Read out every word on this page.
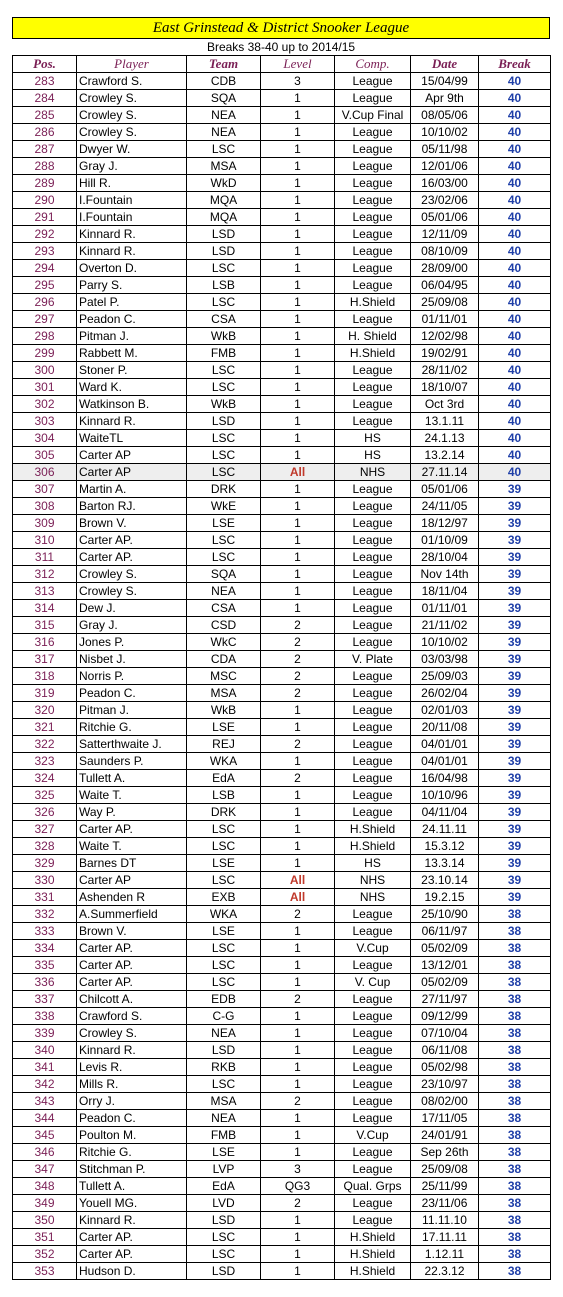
East Grinstead & District Snooker League
Breaks 38-40 up to 2014/15
Pos.	Player	Team	Level	Comp.	Date	Break
283	Crawford S.	CDB	3	League	15/04/99	40
284	Crowley S.	SQA	1	League	Apr 9th	40
285	Crowley S.	NEA	1	V.Cup Final	08/05/06	40
286	Crowley S.	NEA	1	League	10/10/02	40
287	Dwyer W.	LSC	1	League	05/11/98	40
288	Gray J.	MSA	1	League	12/01/06	40
289	Hill R.	WkD	1	League	16/03/00	40
290	I.Fountain	MQA	1	League	23/02/06	40
291	I.Fountain	MQA	1	League	05/01/06	40
292	Kinnard R.	LSD	1	League	12/11/09	40
293	Kinnard R.	LSD	1	League	08/10/09	40
294	Overton D.	LSC	1	League	28/09/00	40
295	Parry S.	LSB	1	League	06/04/95	40
296	Patel P.	LSC	1	H.Shield	25/09/08	40
297	Peadon C.	CSA	1	League	01/11/01	40
298	Pitman J.	WkB	1	H. Shield	12/02/98	40
299	Rabbett M.	FMB	1	H.Shield	19/02/91	40
300	Stoner P.	LSC	1	League	28/11/02	40
301	Ward K.	LSC	1	League	18/10/07	40
302	Watkinson B.	WkB	1	League	Oct 3rd	40
303	Kinnard R.	LSD	1	League	13.1.11	40
304	WaiteTL	LSC	1	HS	24.1.13	40
305	Carter AP	LSC	1	HS	13.2.14	40
306	Carter AP	LSC	All	NHS	27.11.14	40
307	Martin A.	DRK	1	League	05/01/06	39
308	Barton RJ.	WkE	1	League	24/11/05	39
309	Brown V.	LSE	1	League	18/12/97	39
310	Carter AP.	LSC	1	League	01/10/09	39
311	Carter AP.	LSC	1	League	28/10/04	39
312	Crowley S.	SQA	1	League	Nov 14th	39
313	Crowley S.	NEA	1	League	18/11/04	39
314	Dew J.	CSA	1	League	01/11/01	39
315	Gray J.	CSD	2	League	21/11/02	39
316	Jones P.	WkC	2	League	10/10/02	39
317	Nisbet J.	CDA	2	V. Plate	03/03/98	39
318	Norris P.	MSC	2	League	25/09/03	39
319	Peadon C.	MSA	2	League	26/02/04	39
320	Pitman J.	WkB	1	League	02/01/03	39
321	Ritchie G.	LSE	1	League	20/11/08	39
322	Satterthwaite J.	REJ	2	League	04/01/01	39
323	Saunders P.	WKA	1	League	04/01/01	39
324	Tullett A.	EdA	2	League	16/04/98	39
325	Waite T.	LSB	1	League	10/10/96	39
326	Way P.	DRK	1	League	04/11/04	39
327	Carter AP.	LSC	1	H.Shield	24.11.11	39
328	Waite T.	LSC	1	H.Shield	15.3.12	39
329	Barnes DT	LSE	1	HS	13.3.14	39
330	Carter AP	LSC	All	NHS	23.10.14	39
331	Ashenden R	EXB	All	NHS	19.2.15	39
332	A.Summerfield	WKA	2	League	25/10/90	38
333	Brown V.	LSE	1	League	06/11/97	38
334	Carter AP.	LSC	1	V.Cup	05/02/09	38
335	Carter AP.	LSC	1	League	13/12/01	38
336	Carter AP.	LSC	1	V. Cup	05/02/09	38
337	Chilcott A.	EDB	2	League	27/11/97	38
338	Crawford S.	C-G	1	League	09/12/99	38
339	Crowley S.	NEA	1	League	07/10/04	38
340	Kinnard R.	LSD	1	League	06/11/08	38
341	Levis R.	RKB	1	League	05/02/98	38
342	Mills R.	LSC	1	League	23/10/97	38
343	Orry J.	MSA	2	League	08/02/00	38
344	Peadon C.	NEA	1	League	17/11/05	38
345	Poulton M.	FMB	1	V.Cup	24/01/91	38
346	Ritchie G.	LSE	1	League	Sep 26th	38
347	Stitchman P.	LVP	3	League	25/09/08	38
348	Tullett A.	EdA	QG3	Qual. Grps	25/11/99	38
349	Youell MG.	LVD	2	League	23/11/06	38
350	Kinnard R.	LSD	1	League	11.11.10	38
351	Carter AP.	LSC	1	H.Shield	17.11.11	38
352	Carter AP.	LSC	1	H.Shield	1.12.11	38
353	Hudson D.	LSD	1	H.Shield	22.3.12	38
